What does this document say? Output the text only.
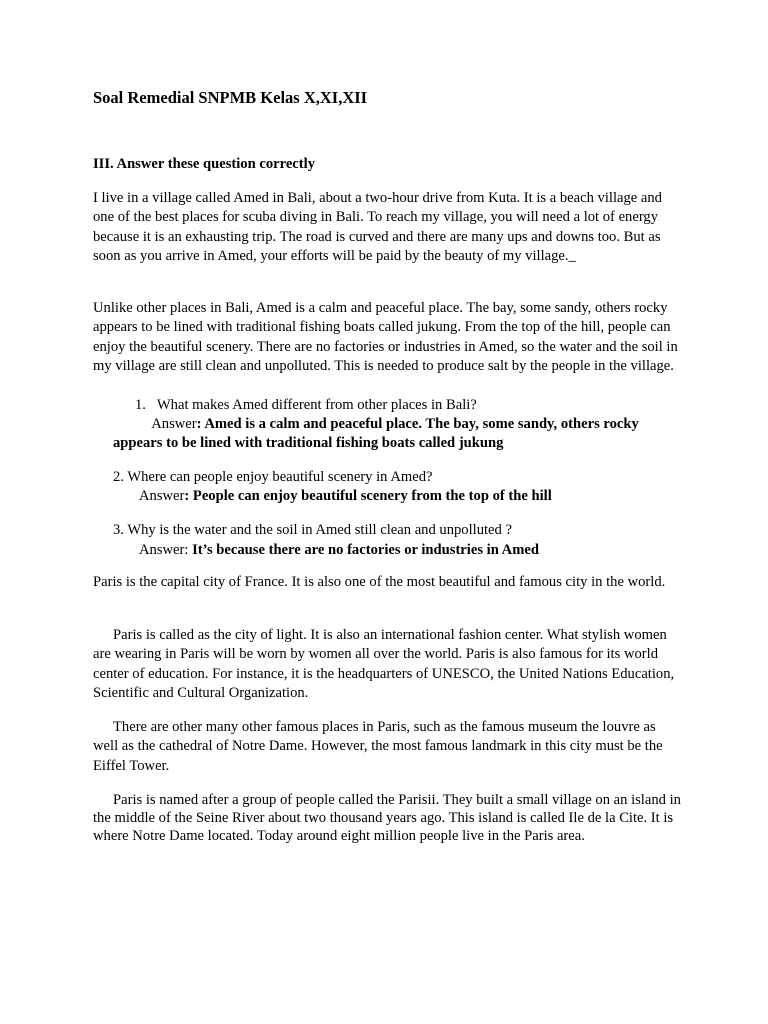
Soal Remedial SNPMB Kelas X,XI,XII

III. Answer these question correctly

I live in a village called Amed in Bali, about a two-hour drive from Kuta. It is a beach village and one of the best places for scuba diving in Bali. To reach my village, you will need a lot of energy because it is an exhausting trip. The road is curved and there are many ups and downs too. But as soon as you arrive in Amed, your efforts will be paid by the beauty of my village._

Unlike other places in Bali, Amed is a calm and peaceful place. The bay, some sandy, others rocky appears to be lined with traditional fishing boats called jukung. From the top of the hill, people can enjoy the beautiful scenery. There are no factories or industries in Amed, so the water and the soil in my village are still clean and unpolluted. This is needed to produce salt by the people in the village.

1. What makes Amed different from other places in Bali?

Answer: Amed is a calm and peaceful place. The bay, some sandy, others rocky appears to be lined with traditional fishing boats called jukung

2. Where can people enjoy beautiful scenery in Amed?

Answer: People can enjoy beautiful scenery from the top of the hill

3. Why is the water and the soil in Amed still clean and unpolluted ?

Answer: It’s because there are no factories or industries in Amed

Paris is the capital city of France. It is also one of the most beautiful and famous city in the world.

Paris is called as the city of light. It is also an international fashion center. What stylish women are wearing in Paris will be worn by women all over the world. Paris is also famous for its world center of education. For instance, it is the headquarters of UNESCO, the United Nations Education, Scientific and Cultural Organization.

There are other many other famous places in Paris, such as the famous museum the louvre as well as the cathedral of Notre Dame. However, the most famous landmark in this city must be the Eiffel Tower.

Paris is named after a group of people called the Parisii. They built a small village on an island in the middle of the Seine River about two thousand years ago. This island is called Ile de la Cite. It is where Notre Dame located. Today around eight million people live in the Paris area.
